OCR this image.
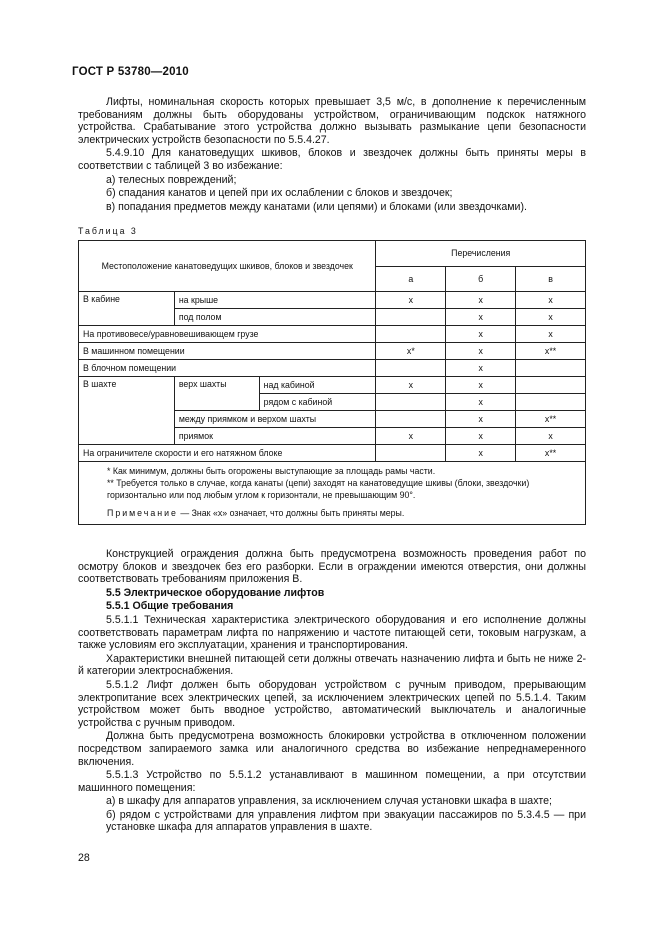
ГОСТ Р 53780—2010

Лифты, номинальная скорость которых превышает 3,5 м/с, в дополнение к перечисленным требованиям должны быть оборудованы устройством, ограничивающим подскок натяжного устройства. Срабатывание этого устройства должно вызывать размыкание цепи безопасности электрических устройств безопасности по 5.5.4.27.

5.4.9.10 Для канатоведущих шкивов, блоков и звездочек должны быть приняты меры в соответствии с таблицей 3 во избежание:

а) телесных повреждений;

б) спадания канатов и цепей при их ослаблении с блоков и звездочек;

в) попадания предметов между канатами (или цепями) и блоками (или звездочками).

Таблица 3
Местоположение канатоведущих шкивов, блоков и звездочек			Перечисления		
			а	б	в
В кабине	на крыше		x	x	x
	под полом			x	x
На противовесе/уравновешивающем грузе				x	x
В машинном помещении			x*	x	x**
В блочном помещении				x	
В шахте	верх шахты	над кабиной	x	x	
		рядом с кабиной		x	
	между приямком и верхом шахты			x	x**
	приямок		x	x	x
На ограничителе скорости и его натяжном блоке				x	x**

* Как минимум, должны быть огорожены выступающие за площадь рамы части.
** Требуется только в случае, когда канаты (цепи) заходят на канатоведущие шкивы (блоки, звездочки) горизонтально или под любым углом к горизонтали, не превышающим 90°.
Примечание — Знак «x» означает, что должны быть приняты меры.					

Конструкцией ограждения должна быть предусмотрена возможность проведения работ по осмотру блоков и звездочек без его разборки. Если в ограждении имеются отверстия, они должны соответствовать требованиям приложения В.

5.5 Электрическое оборудование лифтов

5.5.1 Общие требования

5.5.1.1 Техническая характеристика электрического оборудования и его исполнение должны соответствовать параметрам лифта по напряжению и частоте питающей сети, токовым нагрузкам, а также условиям его эксплуатации, хранения и транспортирования.

Характеристики внешней питающей сети должны отвечать назначению лифта и быть не ниже 2-й категории электроснабжения.

5.5.1.2 Лифт должен быть оборудован устройством с ручным приводом, прерывающим электропитание всех электрических цепей, за исключением электрических цепей по 5.5.1.4. Таким устройством может быть вводное устройство, автоматический выключатель и аналогичные устройства с ручным приводом.

Должна быть предусмотрена возможность блокировки устройства в отключенном положении посредством запираемого замка или аналогичного средства во избежание непреднамеренного включения.

5.5.1.3 Устройство по 5.5.1.2 устанавливают в машинном помещении, а при отсутствии машинного помещения:

а) в шкафу для аппаратов управления, за исключением случая установки шкафа в шахте;

б) рядом с устройствами для управления лифтом при эвакуации пассажиров по 5.3.4.5 — при установке шкафа для аппаратов управления в шахте.

28
